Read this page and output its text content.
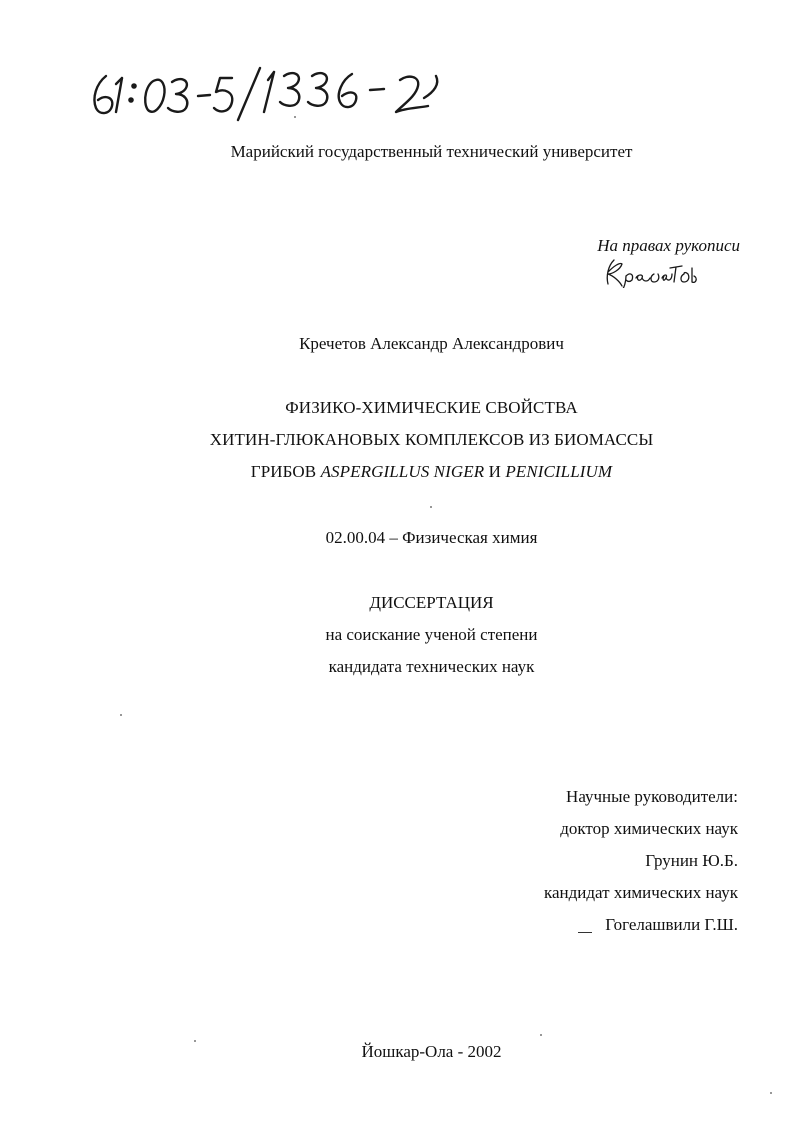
61: 03-5/1336-2
Марийский государственный технический университет
На правах рукописи
Кречетов
Кречетов Александр Александрович
ФИЗИКО-ХИМИЧЕСКИЕ СВОЙСТВА
ХИТИН-ГЛЮКАНОВЫХ КОМПЛЕКСОВ ИЗ БИОМАССЫ
ГРИБОВ ASPERGILLUS NIGER И PENICILLIUM
02.00.04 – Физическая химия
ДИССЕРТАЦИЯ
на соискание ученой степени
кандидата технических наук
Научные руководители:
доктор химических наук
Грунин Ю.Б.
кандидат химических наук
Гогелашвили Г.Ш.
Йошкар-Ола - 2002
